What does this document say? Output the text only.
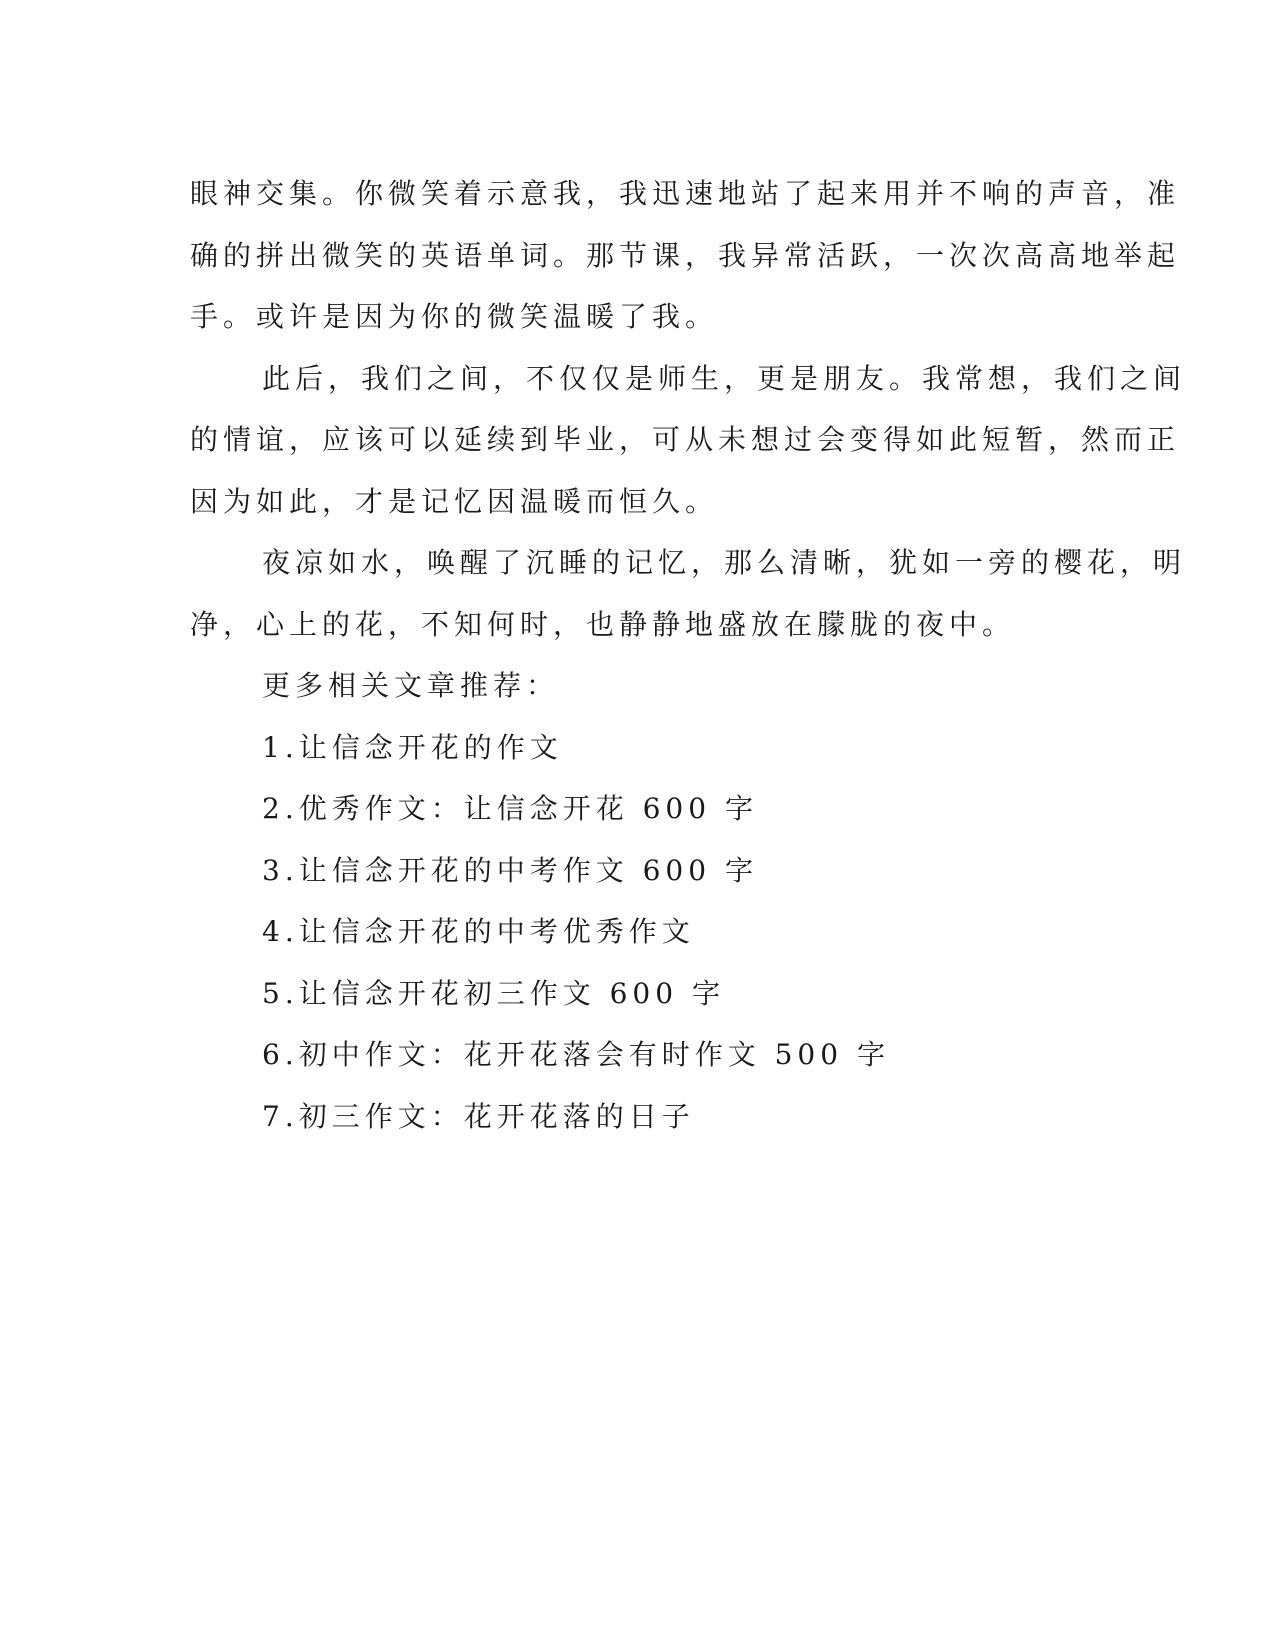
眼神交集。你微笑着示意我，我迅速地站了起来用并不响的声音，准

确的拼出微笑的英语单词。那节课，我异常活跃，一次次高高地举起

手。或许是因为你的微笑温暖了我。

此后，我们之间，不仅仅是师生，更是朋友。我常想，我们之间

的情谊，应该可以延续到毕业，可从未想过会变得如此短暂，然而正

因为如此，才是记忆因温暖而恒久。

夜凉如水，唤醒了沉睡的记忆，那么清晰，犹如一旁的樱花，明

净，心上的花，不知何时，也静静地盛放在朦胧的夜中。

更多相关文章推荐：

1.让信念开花的作文

2.优秀作文：让信念开花 600 字

3.让信念开花的中考作文 600 字

4.让信念开花的中考优秀作文

5.让信念开花初三作文 600 字

6.初中作文：花开花落会有时作文 500 字

7.初三作文：花开花落的日子
